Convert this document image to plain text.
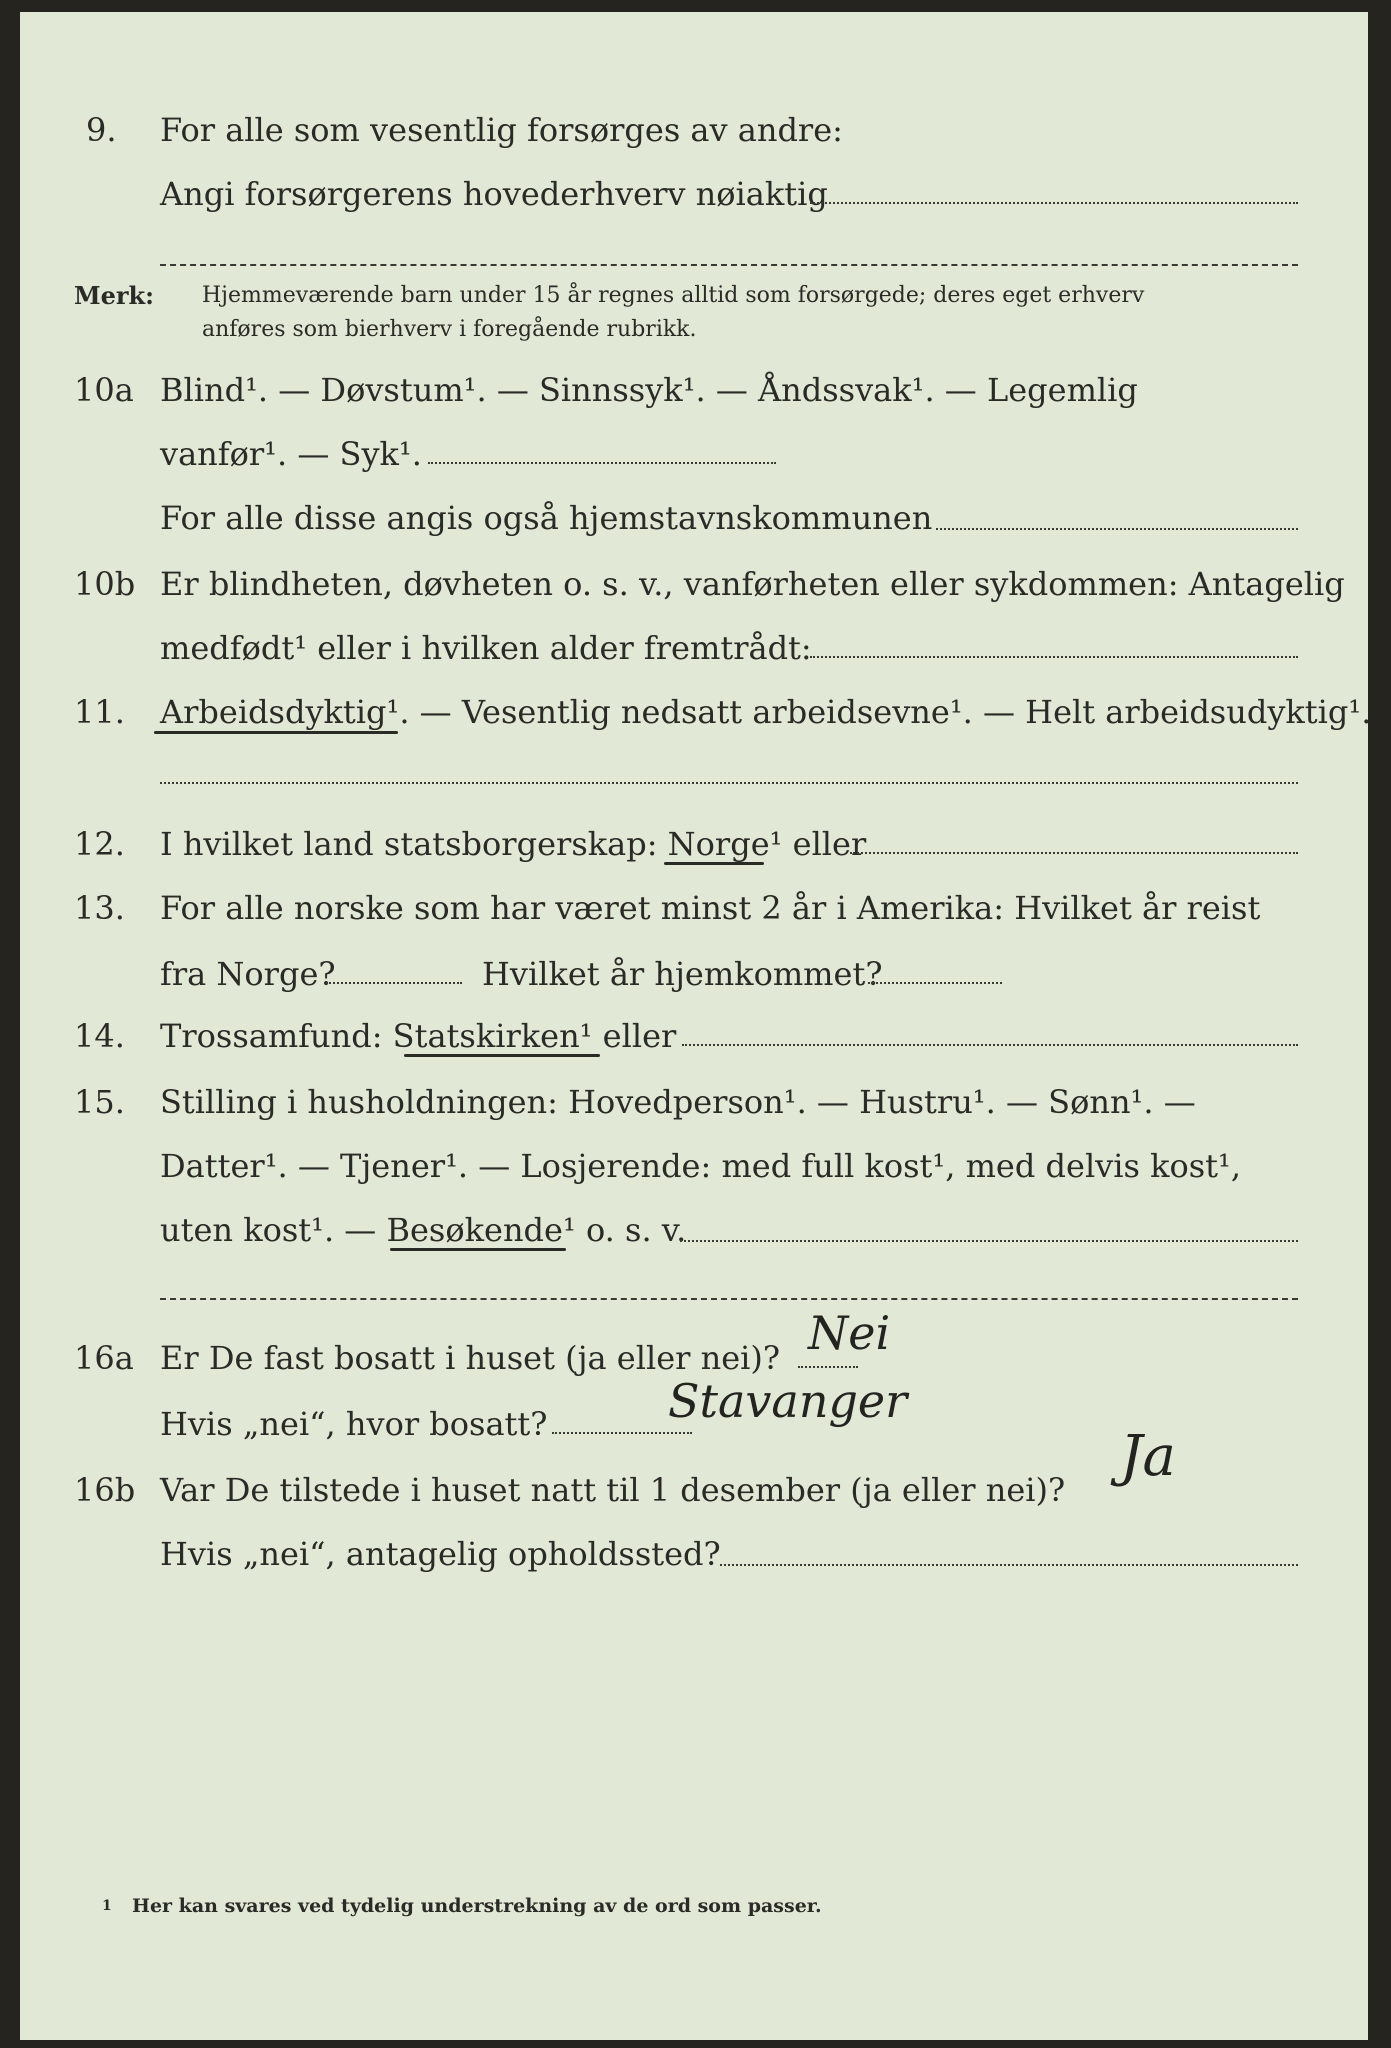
9. For alle som vesentlig forsørges av andre:
Angi forsørgerens hovederhverv nøiaktig
Merk: Hjemmeværende barn under 15 år regnes alltid som forsørgede; deres eget erhverv
anføres som bierhverv i foregående rubrikk.
10a Blind¹. — Døvstum¹. — Sinnssyk¹. — Åndssvak¹. — Legemlig
vanfør¹. — Syk¹.
For alle disse angis også hjemstavnskommunen
10b Er blindheten, døvheten o. s. v., vanførheten eller sykdommen: Antagelig
medfødt¹ eller i hvilken alder fremtrådt:
11. Arbeidsdyktig¹. — Vesentlig nedsatt arbeidsevne¹. — Helt arbeidsudyktig¹.
12. I hvilket land statsborgerskap: Norge¹ eller
13. For alle norske som har været minst 2 år i Amerika: Hvilket år reist
fra Norge?	Hvilket år hjemkommet?
14. Trossamfund: Statskirken¹ eller
15. Stilling i husholdningen: Hovedperson¹. — Hustru¹. — Sønn¹. —
Datter¹. — Tjener¹. — Losjerende: med full kost¹, med delvis kost¹,
uten kost¹. — Besøkende¹ o. s. v.
16a Er De fast bosatt i huset (ja eller nei)? Nei
Hvis „nei“, hvor bosatt?	Stavanger
16b Var De tilstede i huset natt til 1 desember (ja eller nei)?
Ja
Hvis „nei“, antagelig opholdssted?
1 Her kan svares ved tydelig understrekning av de ord som passer.
